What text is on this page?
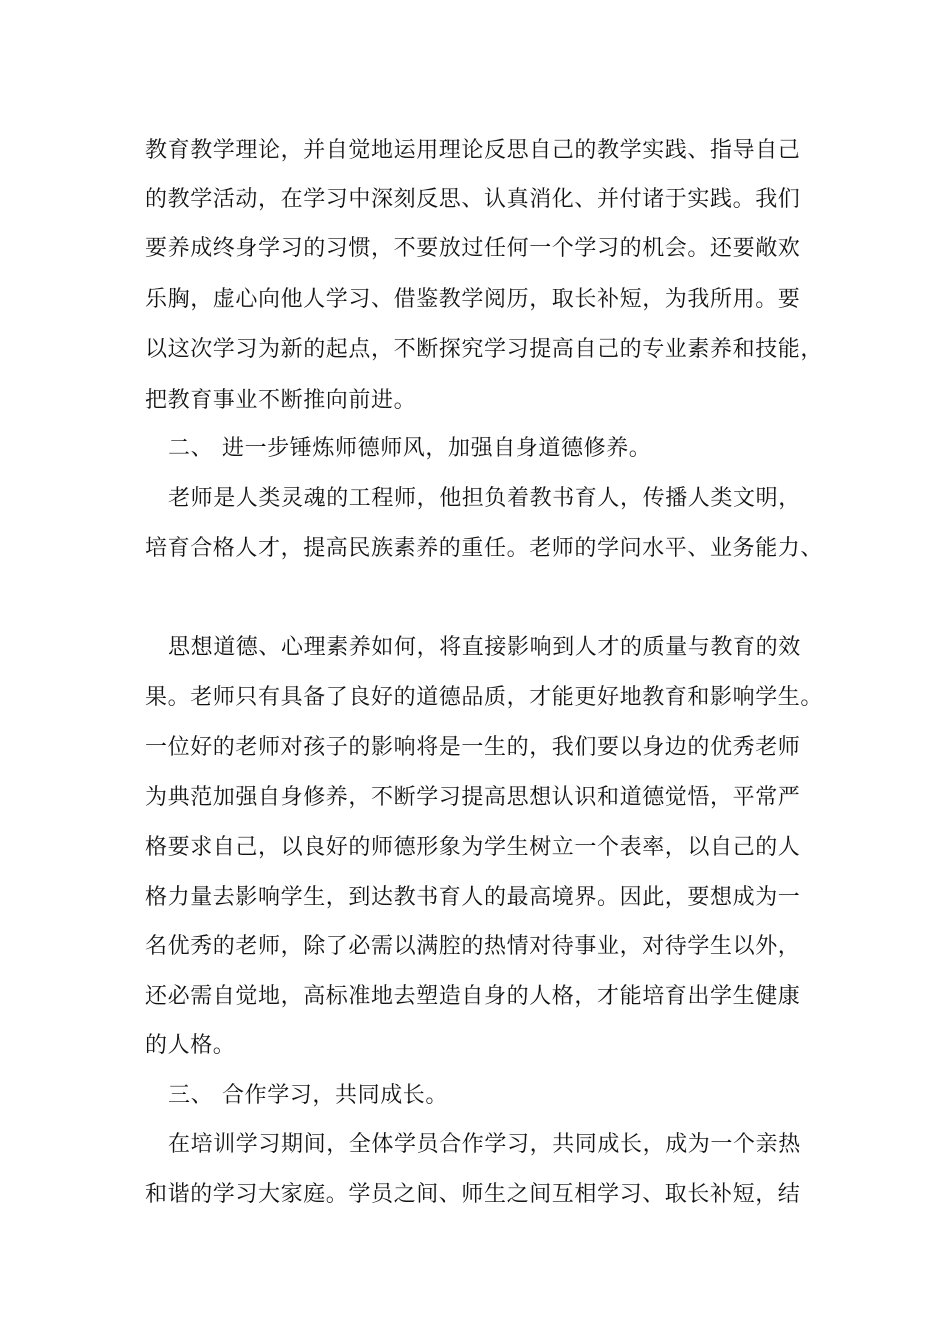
教育教学理论，并自觉地运用理论反思自己的教学实践、指导自己
的教学活动，在学习中深刻反思、认真消化、并付诸于实践。我们
要养成终身学习的习惯，不要放过任何一个学习的机会。还要敞欢
乐胸，虚心向他人学习、借鉴教学阅历，取长补短，为我所用。要
以这次学习为新的起点，不断探究学习提高自己的专业素养和技能，
把教育事业不断推向前进。
二、 进一步锤炼师德师风，加强自身道德修养。
老师是人类灵魂的工程师，他担负着教书育人，传播人类文明，
培育合格人才，提高民族素养的重任。老师的学问水平、业务能力、
思想道德、心理素养如何，将直接影响到人才的质量与教育的效
果。老师只有具备了良好的道德品质，才能更好地教育和影响学生。
一位好的老师对孩子的影响将是一生的，我们要以身边的优秀老师
为典范加强自身修养，不断学习提高思想认识和道德觉悟，平常严
格要求自己，以良好的师德形象为学生树立一个表率，以自己的人
格力量去影响学生，到达教书育人的最高境界。因此，要想成为一
名优秀的老师，除了必需以满腔的热情对待事业，对待学生以外，
还必需自觉地，高标准地去塑造自身的人格，才能培育出学生健康
的人格。
三、 合作学习，共同成长。
在培训学习期间，全体学员合作学习，共同成长，成为一个亲热
和谐的学习大家庭。学员之间、师生之间互相学习、取长补短，结
